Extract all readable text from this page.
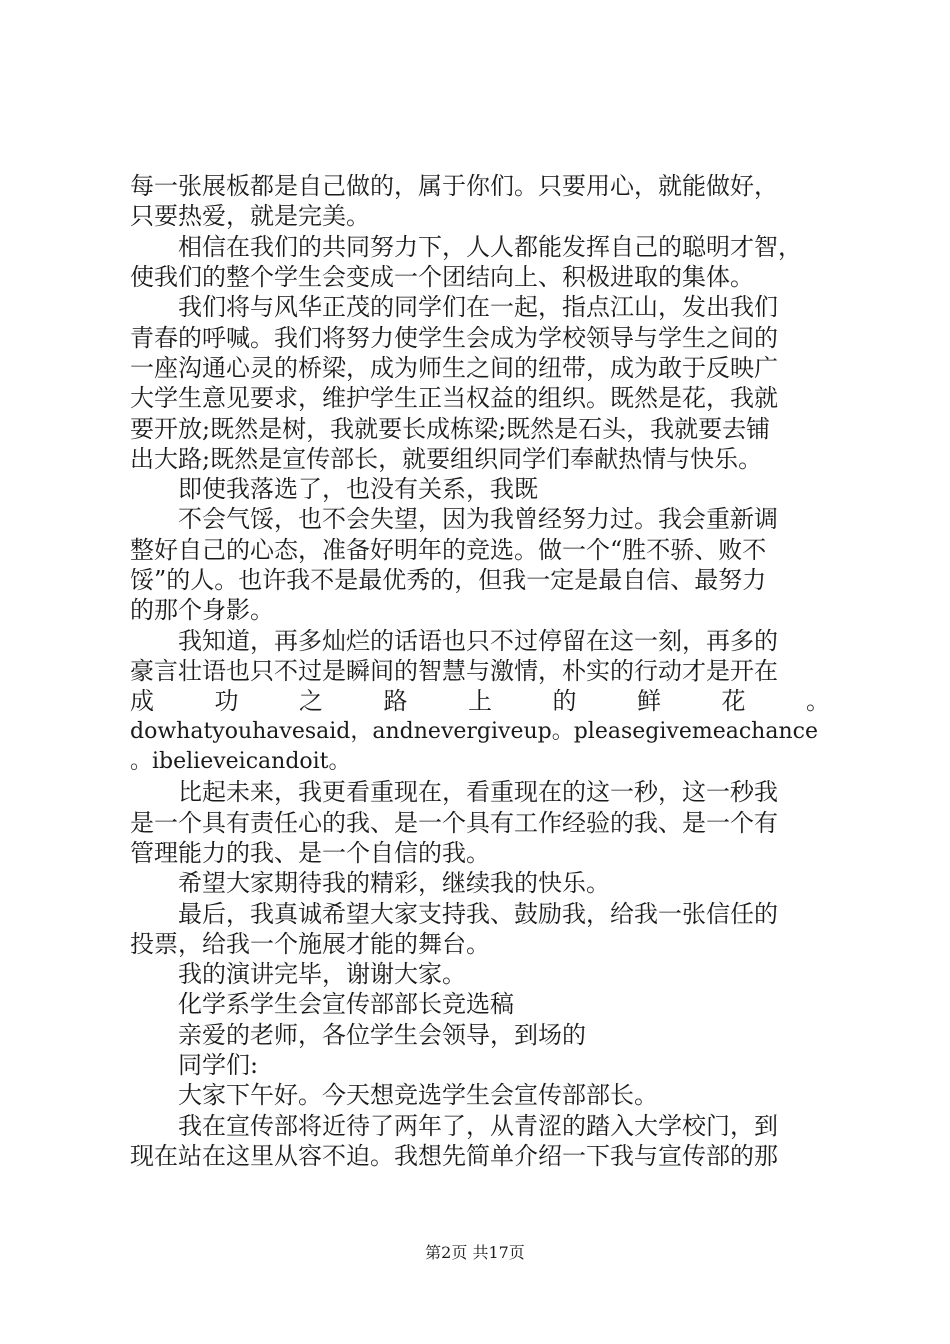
每一张展板都是自己做的，属于你们。只要用心，就能做好，
只要热爱，就是完美。
相信在我们的共同努力下，人人都能发挥自己的聪明才智，
使我们的整个学生会变成一个团结向上、积极进取的集体。
我们将与风华正茂的同学们在一起，指点江山，发出我们
青春的呼喊。我们将努力使学生会成为学校领导与学生之间的
一座沟通心灵的桥梁，成为师生之间的纽带，成为敢于反映广
大学生意见要求，维护学生正当权益的组织。既然是花，我就
要开放;既然是树，我就要长成栋梁;既然是石头，我就要去铺
出大路;既然是宣传部长，就要组织同学们奉献热情与快乐。
即使我落选了，也没有关系，我既
不会气馁，也不会失望，因为我曾经努力过。我会重新调
整好自己的心态，准备好明年的竞选。做一个“胜不骄、败不
馁”的人。也许我不是最优秀的，但我一定是最自信、最努力
的那个身影。
我知道，再多灿烂的话语也只不过停留在这一刻，再多的
豪言壮语也只不过是瞬间的智慧与激情，朴实的行动才是开在
成	功	之	路	上	的	鲜	花	。
dowhatyouhavesaid，andnevergiveup。pleasegivemeachance
。ibelieveicandoit。
比起未来，我更看重现在，看重现在的这一秒，这一秒我
是一个具有责任心的我、是一个具有工作经验的我、是一个有
管理能力的我、是一个自信的我。
希望大家期待我的精彩，继续我的快乐。
最后，我真诚希望大家支持我、鼓励我，给我一张信任的
投票，给我一个施展才能的舞台。
我的演讲完毕，谢谢大家。
化学系学生会宣传部部长竞选稿
亲爱的老师，各位学生会领导，到场的
同学们:
大家下午好。今天想竞选学生会宣传部部长。
我在宣传部将近待了两年了，从青涩的踏入大学校门，到
现在站在这里从容不迫。我想先简单介绍一下我与宣传部的那
第2页 共17页
